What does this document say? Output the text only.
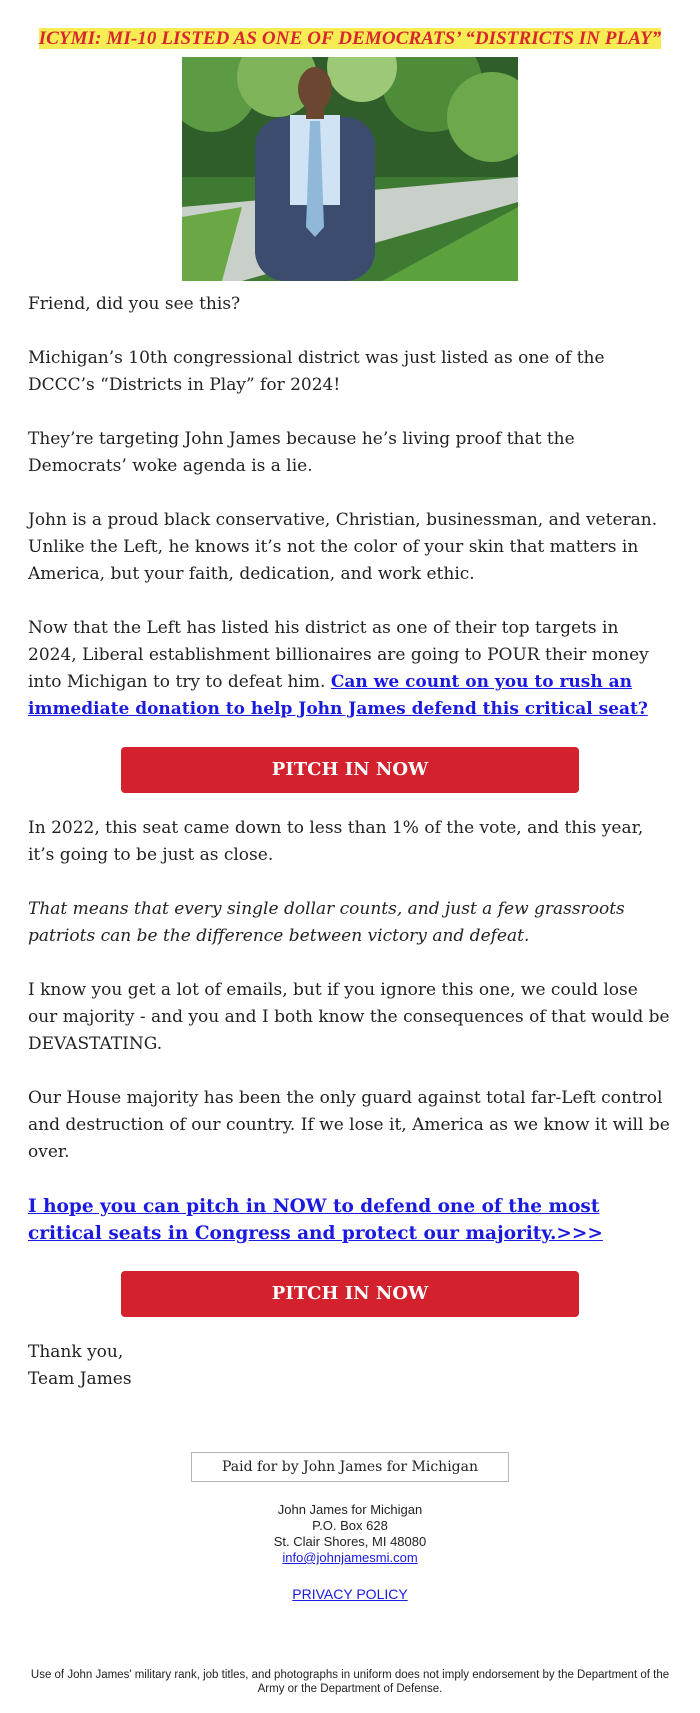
ICYMI: MI-10 LISTED AS ONE OF DEMOCRATS’ “DISTRICTS IN PLAY”

Friend, did you see this?

Michigan’s 10th congressional district was just listed as one of the DCCC’s “Districts in Play” for 2024!

They’re targeting John James because he’s living proof that the Democrats’ woke agenda is a lie.

John is a proud black conservative, Christian, businessman, and veteran. Unlike the Left, he knows it’s not the color of your skin that matters in America, but your faith, dedication, and work ethic.

Now that the Left has listed his district as one of their top targets in 2024, Liberal establishment billionaires are going to POUR their money into Michigan to try to defeat him. Can we count on you to rush an immediate donation to help John James defend this critical seat?

PITCH IN NOW

In 2022, this seat came down to less than 1% of the vote, and this year, it’s going to be just as close.

That means that every single dollar counts, and just a few grassroots patriots can be the difference between victory and defeat.

I know you get a lot of emails, but if you ignore this one, we could lose our majority - and you and I both know the consequences of that would be DEVASTATING.

Our House majority has been the only guard against total far-Left control and destruction of our country. If we lose it, America as we know it will be over.

I hope you can pitch in NOW to defend one of the most critical seats in Congress and protect our majority.>>>

PITCH IN NOW

Thank you,
Team James

Paid for by John James for Michigan
John James for Michigan
P.O. Box 628
St. Clair Shores, MI 48080
info@johnjamesmi.com
PRIVACY POLICY
Use of John James' military rank, job titles, and photographs in uniform does not imply endorsement by the Department of the Army or the Department of Defense.
